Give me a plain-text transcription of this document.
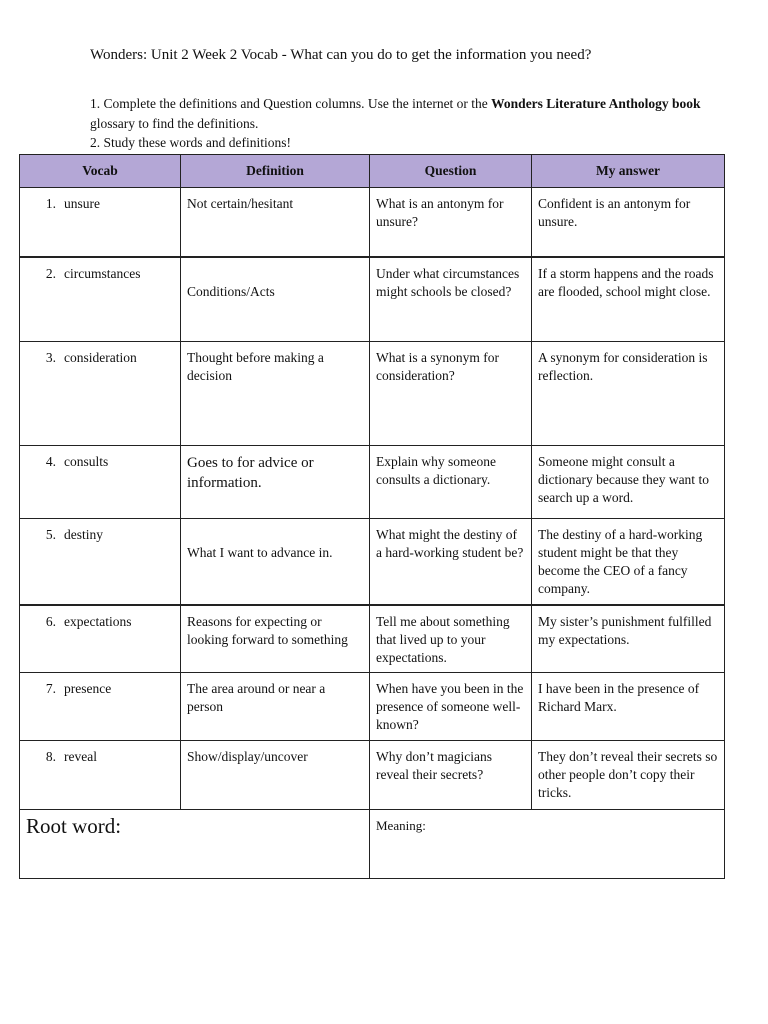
Wonders: Unit 2 Week 2 Vocab - What can you do to get the information you need?
1. Complete the definitions and Question columns. Use the internet or the Wonders Literature Anthology book glossary to find the definitions.
2. Study these words and definitions!
Vocab	Definition	Question	My answer
1. unsure	Not certain/hesitant	What is an antonym for unsure?	Confident is an antonym for unsure.
2. circumstances	Conditions/Acts	Under what circumstances might schools be closed?	If a storm happens and the roads are flooded, school might close.
3. consideration	Thought before making a decision	What is a synonym for consideration?	A synonym for consideration is reflection.
4. consults	Goes to for advice or information.	Explain why someone consults a dictionary.	Someone might consult a dictionary because they want to search up a word.
5. destiny	What I want to advance in.	What might the destiny of a hard-working student be?	The destiny of a hard-working student might be that they become the CEO of a fancy company.
6. expectations	Reasons for expecting or looking forward to something	Tell me about something that lived up to your expectations.	My sister’s punishment fulfilled my expectations.
7. presence	The area around or near a person	When have you been in the presence of someone well-known?	I have been in the presence of Richard Marx.
8. reveal	Show/display/uncover	Why don’t magicians reveal their secrets?	They don’t reveal their secrets so other people don’t copy their tricks.
Root word:		Meaning:	
